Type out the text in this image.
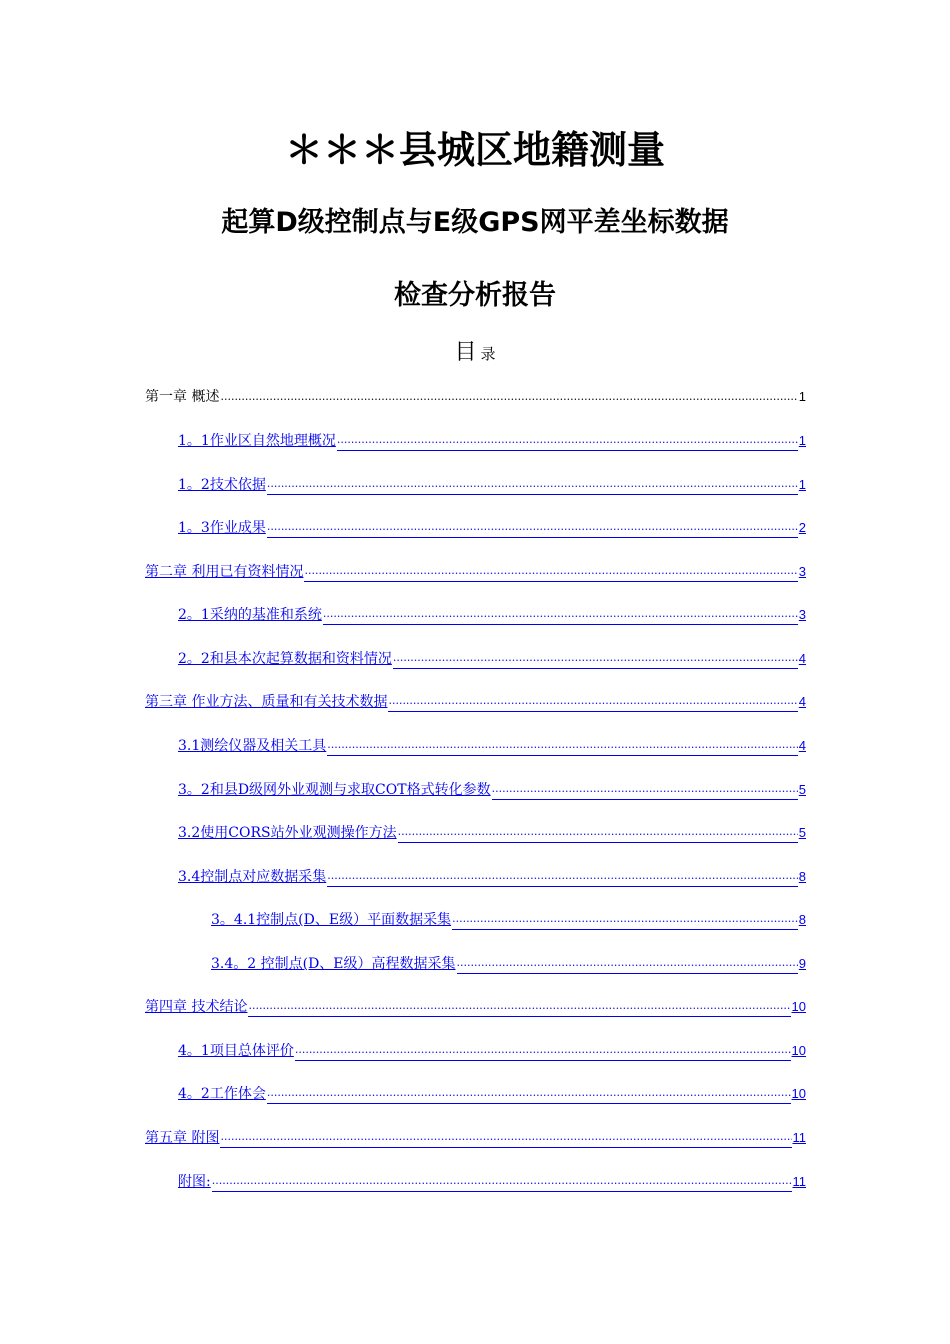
＊＊＊县城区地籍测量
起算D级控制点与E级GPS网平差坐标数据
检查分析报告
目 录
第一章 概述 .....	1
1。1作业区自然地理概况 .....	1
1。2技术依据 .....	1
1。3作业成果 .....	2
第二章 利用已有资料情况 .....	3
2。1采纳的基准和系统 .....	3
2。2和县本次起算数据和资料情况 .....	4
第三章 作业方法、质量和有关技术数据 .....	4
3.1测绘仪器及相关工具 .....	4
3。2和县D级网外业观测与求取COT格式转化参数 .....	5
3.2使用CORS站外业观测操作方法 .....	5
3.4控制点对应数据采集 .....	8
3。4.1控制点(D、E级）平面数据采集 .....	8
3.4。2 控制点(D、E级）高程数据采集 .....	9
第四章 技术结论 .....	10
4。1项目总体评价 .....	10
4。2工作体会 .....	10
第五章 附图 .....	11
附图: .....	11
